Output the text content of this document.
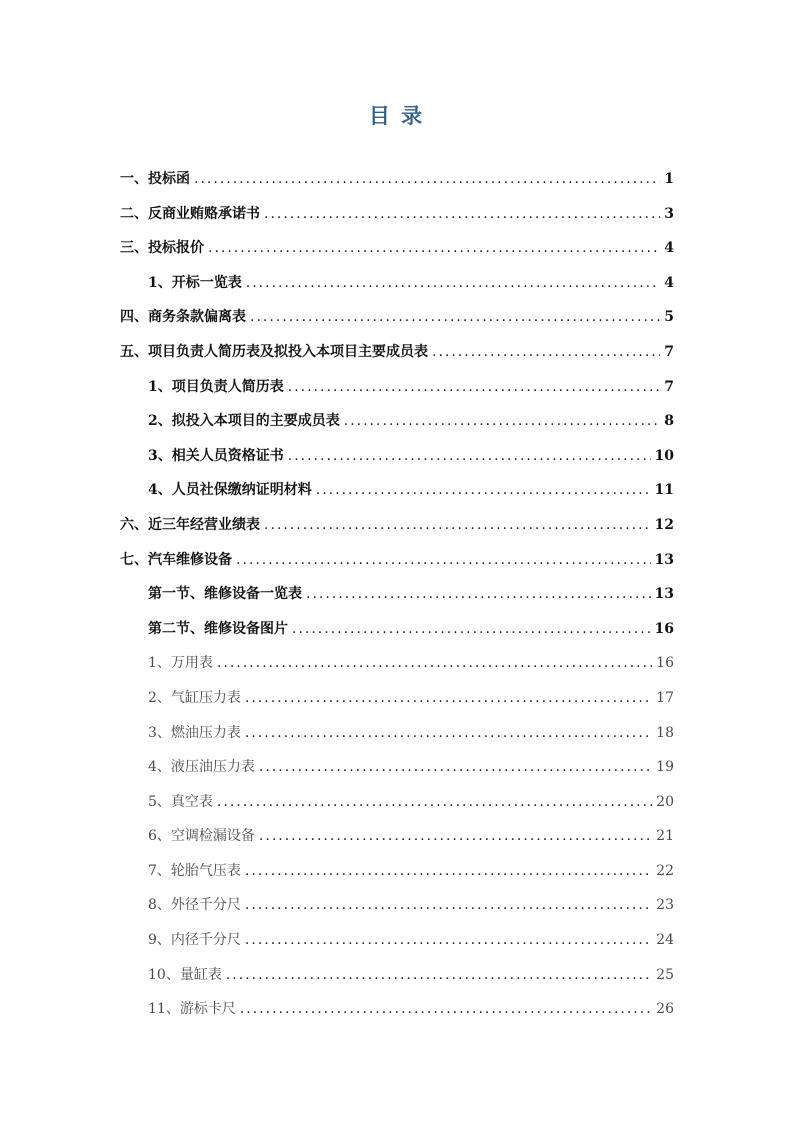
目 录
一、投标函 .....	1
二、反商业贿赂承诺书 .....	3
三、投标报价 .....	4
1、开标一览表 .....	4
四、商务条款偏离表 .....	5
五、项目负责人简历表及拟投入本项目主要成员表 .....	7
1、项目负责人简历表 .....	7
2、拟投入本项目的主要成员表 .....	8
3、相关人员资格证书 .....	10
4、人员社保缴纳证明材料 .....	11
六、近三年经营业绩表 .....	12
七、汽车维修设备 .....	13
第一节、维修设备一览表 .....	13
第二节、维修设备图片 .....	16
1、万用表 .....	16
2、气缸压力表 .....	17
3、燃油压力表 .....	18
4、液压油压力表 .....	19
5、真空表 .....	20
6、空调检漏设备 .....	21
7、轮胎气压表 .....	22
8、外径千分尺 .....	23
9、内径千分尺 .....	24
10、量缸表 .....	25
11、游标卡尺 .....	26
